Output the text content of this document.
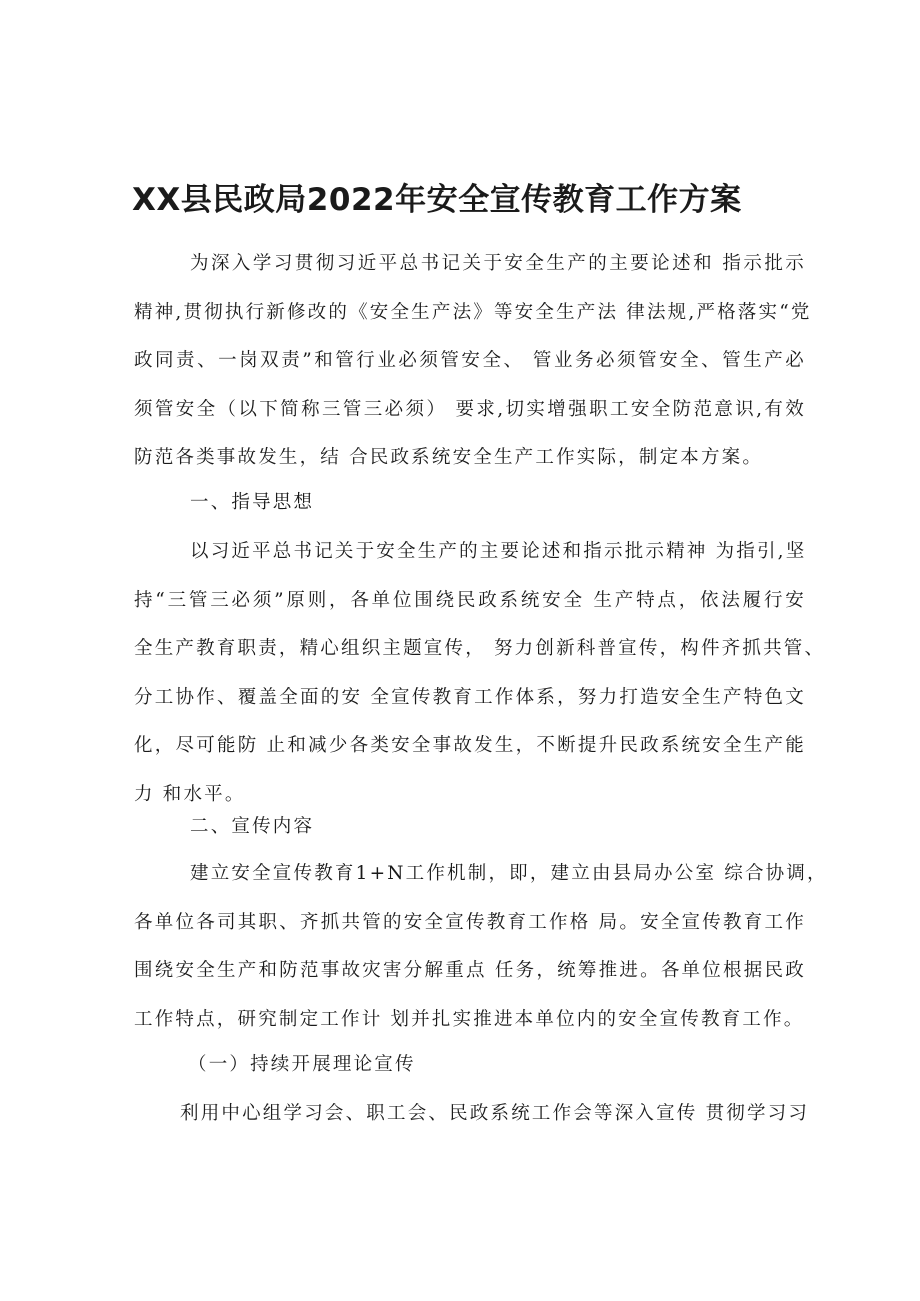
XX县民政局2022年安全宣传教育工作方案
为深入学习贯彻习近平总书记关于安全生产的主要论述和 指示批示
精神,贯彻执行新修改的《安全生产法》等安全生产法 律法规,严格落实“党
政同责、一岗双责”和管行业必须管安全、 管业务必须管安全、管生产必
须管安全（以下简称三管三必须） 要求,切实增强职工安全防范意识,有效
防范各类事故发生，结 合民政系统安全生产工作实际，制定本方案。

一、指导思想

以习近平总书记关于安全生产的主要论述和指示批示精神 为指引,坚
持“三管三必须”原则，各单位围绕民政系统安全 生产特点，依法履行安
全生产教育职责，精心组织主题宣传， 努力创新科普宣传，构件齐抓共管、
分工协作、覆盖全面的安 全宣传教育工作体系，努力打造安全生产特色文
化，尽可能防 止和减少各类安全事故发生，不断提升民政系统安全生产能
力 和水平。

二、宣传内容

建立安全宣传教育1+N工作机制，即，建立由县局办公室 综合协调，
各单位各司其职、齐抓共管的安全宣传教育工作格 局。安全宣传教育工作
围绕安全生产和防范事故灾害分解重点 任务，统筹推进。各单位根据民政
工作特点，研究制定工作计 划并扎实推进本单位内的安全宣传教育工作。

（一）持续开展理论宣传

利用中心组学习会、职工会、民政系统工作会等深入宣传 贯彻学习习
